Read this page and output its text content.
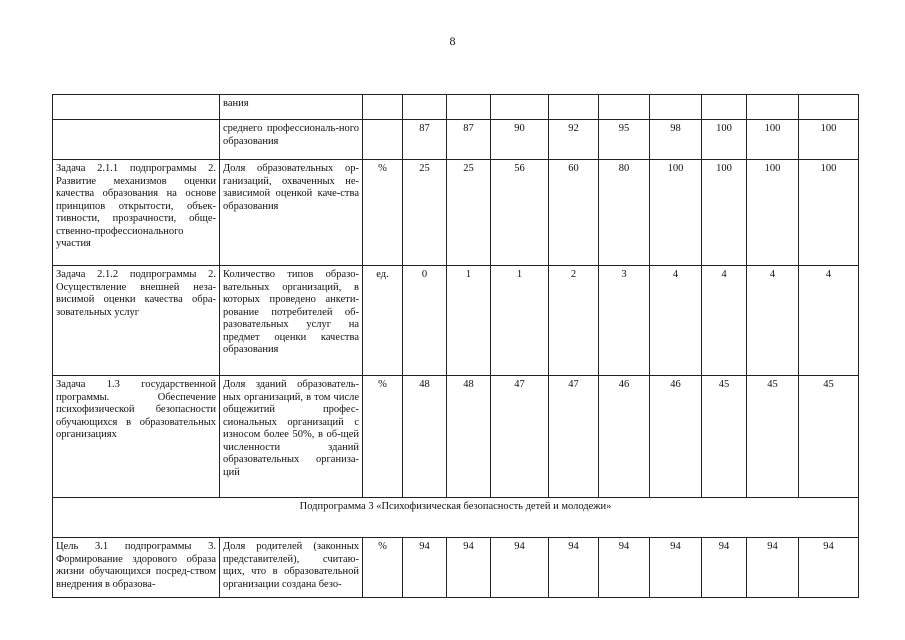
8
	вания										
	среднего профессиональ-ного образования		87	87	90	92	95	98	100	100	100
Задача 2.1.1 подпрограммы 2. Развитие механизмов оценки качества образования на основе принципов открытости, объек-тивности, прозрачности, обще-ственно-профессионального участия	Доля образовательных ор-ганизаций, охваченных не-зависимой оценкой каче-ства образования	%	25	25	56	60	80	100	100	100	100
Задача 2.1.2 подпрограммы 2. Осуществление внешней неза-висимой оценки качества обра-зовательных услуг	Количество типов образо-вательных организаций, в которых проведено анкети-рование потребителей об-разовательных услуг на предмет оценки качества образования	ед.	0	1	1	2	3	4	4	4	4
Задача 1.3 государственной программы. Обеспечение психофизической безопасности обучающихся в образовательных организациях	Доля зданий образователь-ных организаций, в том числе общежитий профес-сиональных организаций с износом более 50%, в об-щей численности зданий образовательных организа-ций	%	48	48	47	47	46	46	45	45	45
Подпрограмма 3 «Психофизическая безопасность детей и молодежи»											
Цель 3.1 подпрограммы 3. Формирование здорового образа жизни обучающихся посред-ством внедрения в образова-	Доля родителей (законных представителей), считаю-щих, что в образовательной организации создана безо-	%	94	94	94	94	94	94	94	94	94
